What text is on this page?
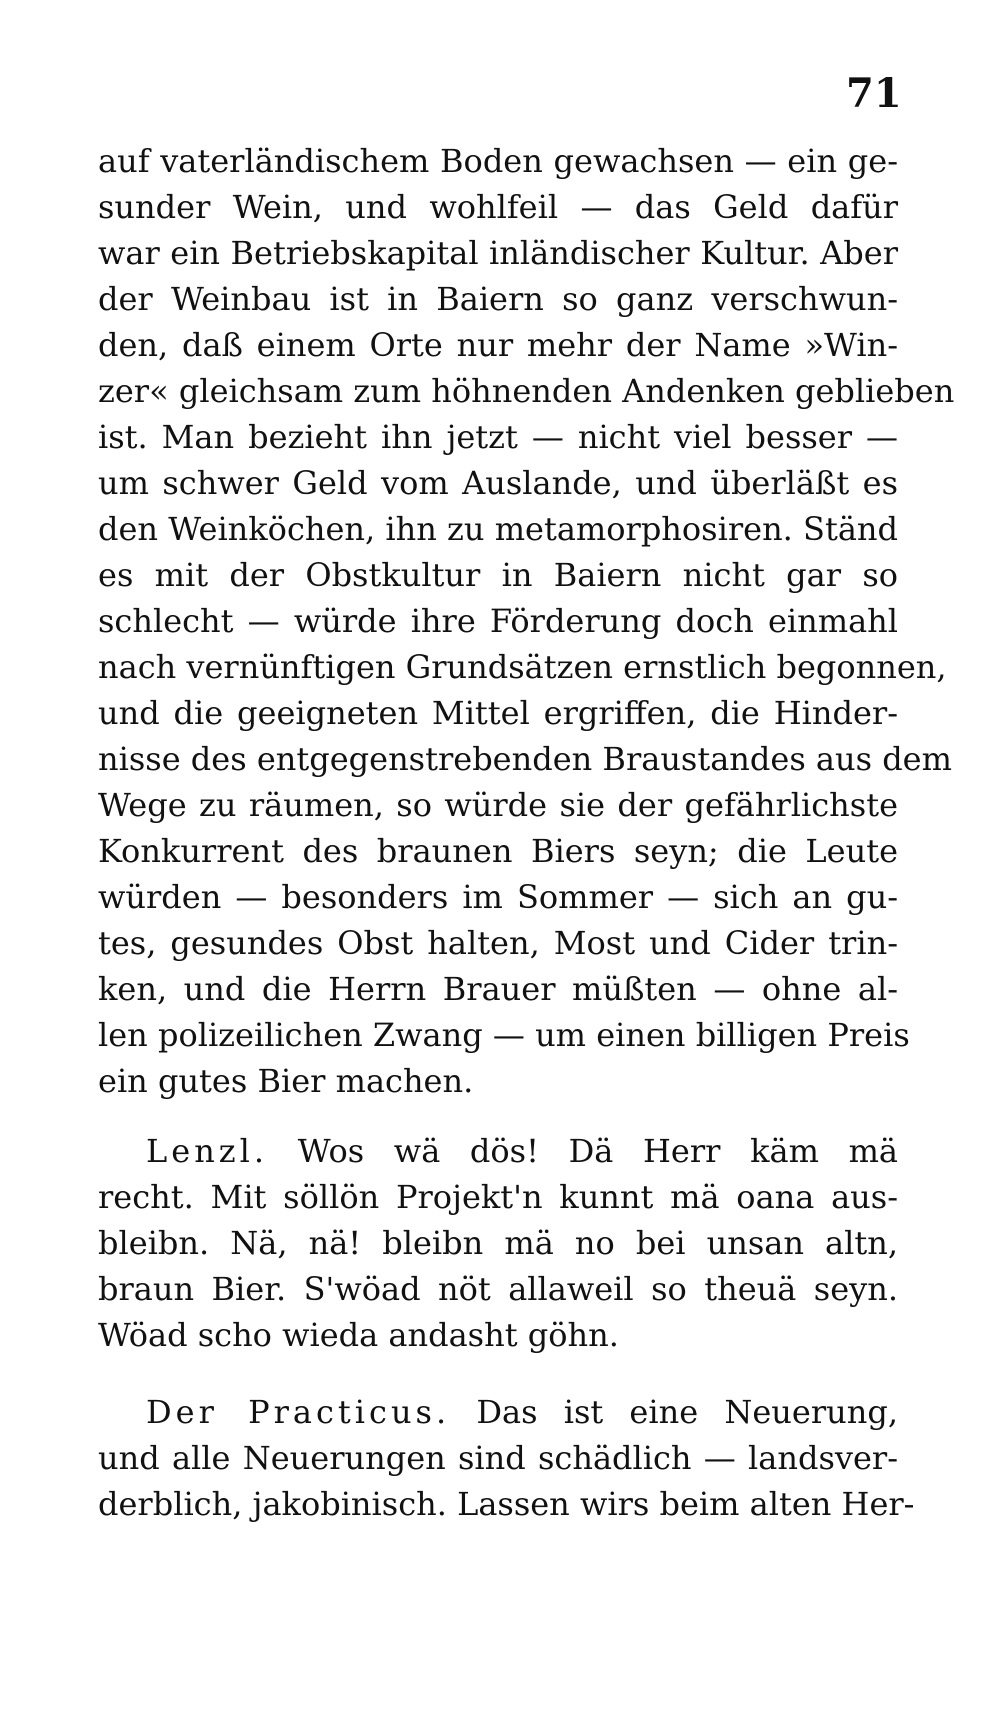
71
auf vaterländischem Boden gewachsen — ein ge-
sunder Wein, und wohlfeil — das Geld dafür
war ein Betriebskapital inländischer Kultur. Aber
der Weinbau ist in Baiern so ganz verschwun-
den, daß einem Orte nur mehr der Name »Win-
zer« gleichsam zum höhnenden Andenken geblieben
ist. Man bezieht ihn jetzt — nicht viel besser —
um schwer Geld vom Auslande, und überläßt es
den Weinköchen, ihn zu metamorphosiren. Ständ
es mit der Obstkultur in Baiern nicht gar so
schlecht — würde ihre Förderung doch einmahl
nach vernünftigen Grundsätzen ernstlich begonnen,
und die geeigneten Mittel ergriffen, die Hinder-
nisse des entgegenstrebenden Braustandes aus dem
Wege zu räumen, so würde sie der gefährlichste
Konkurrent des braunen Biers seyn; die Leute
würden — besonders im Sommer — sich an gu-
tes, gesundes Obst halten, Most und Cider trin-
ken, und die Herrn Brauer müßten — ohne al-
len polizeilichen Zwang — um einen billigen Preis
ein gutes Bier machen.
Lenzl. Wos wä dös! Dä Herr käm mä
recht. Mit söllön Projekt'n kunnt mä oana aus-
bleibn. Nä, nä! bleibn mä no bei unsan altn,
braun Bier. S'wöad nöt allaweil so theuä seyn.
Wöad scho wieda andasht göhn.
Der Practicus. Das ist eine Neuerung,
und alle Neuerungen sind schädlich — landsver-
derblich, jakobinisch. Lassen wirs beim alten Her-
